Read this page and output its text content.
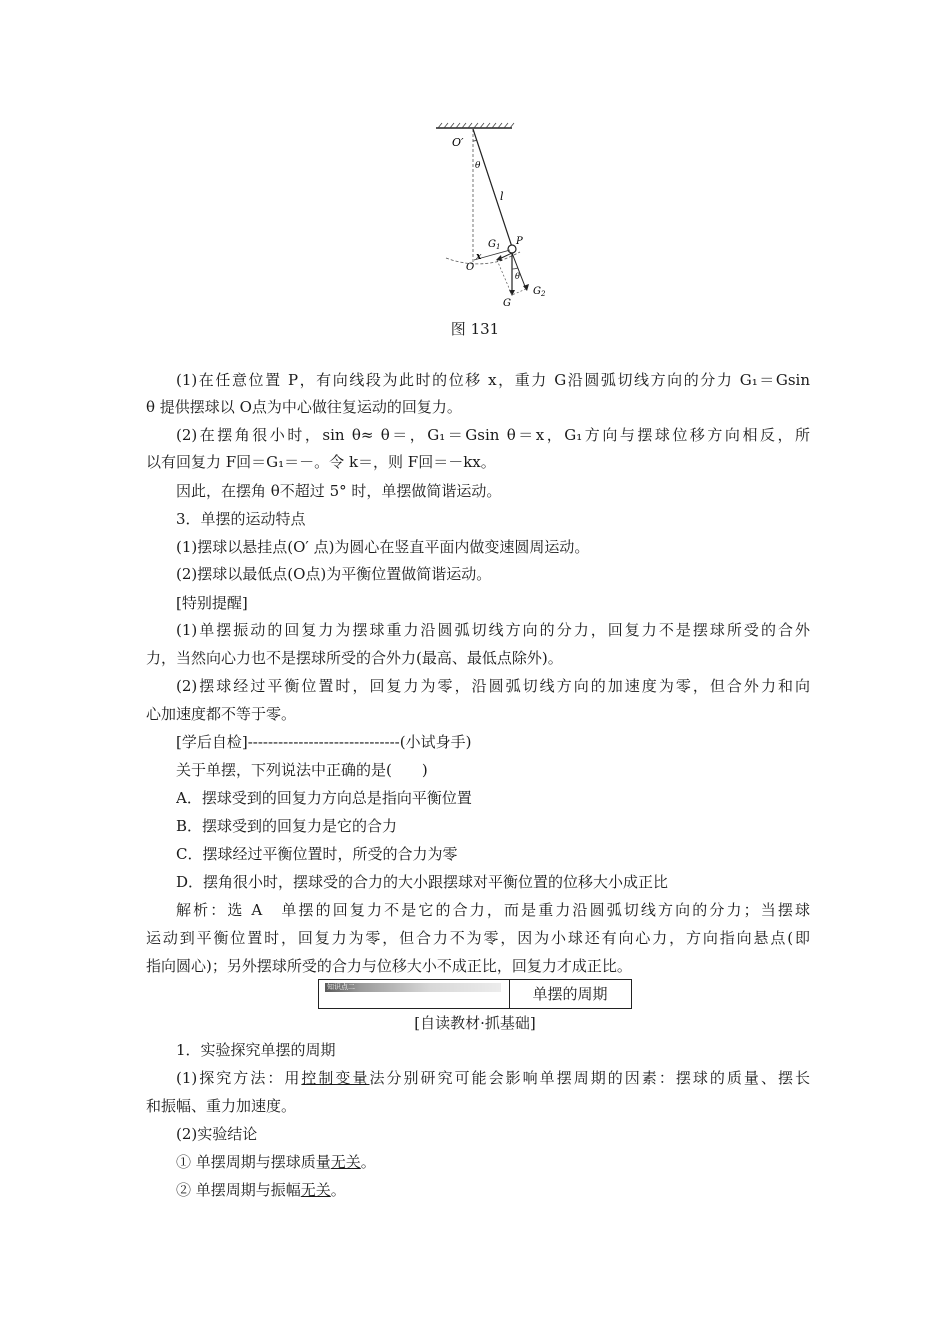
O′
θ
l
P
$G_1$
O
x
θ
G
$G_2$
图 131
(1)在任意位置 P，有向线段为此时的位移 x，重力 G沿圆弧切线方向的分力 G₁＝Gsin
θ 提供摆球以 O点为中心做往复运动的回复力。
(2)在摆角很小时，sin θ≈ θ＝，G₁＝Gsin θ＝x，G₁方向与摆球位移方向相反，所
以有回复力 F回＝G₁＝－。令 k＝，则 F回＝－kx。
因此，在摆角 θ不超过 5° 时，单摆做简谐运动。
3．单摆的运动特点
(1)摆球以悬挂点(O′ 点)为圆心在竖直平面内做变速圆周运动。
(2)摆球以最低点(O点)为平衡位置做简谐运动。
[特别提醒]
(1)单摆振动的回复力为摆球重力沿圆弧切线方向的分力，回复力不是摆球所受的合外
力，当然向心力也不是摆球所受的合外力(最高、最低点除外)。
(2)摆球经过平衡位置时，回复力为零，沿圆弧切线方向的加速度为零，但合外力和向
心加速度都不等于零。
[学后自检]------------------------------(小试身手)
关于单摆，下列说法中正确的是(　　)
A．摆球受到的回复力方向总是指向平衡位置
B．摆球受到的回复力是它的合力
C．摆球经过平衡位置时，所受的合力为零
D．摆角很小时，摆球受的合力的大小跟摆球对平衡位置的位移大小成正比
解析：选 A　单摆的回复力不是它的合力，而是重力沿圆弧切线方向的分力；当摆球
运动到平衡位置时，回复力为零，但合力不为零，因为小球还有向心力，方向指向悬点(即
指向圆心)；另外摆球所受的合力与位移大小不成正比，回复力才成正比。
知识点二	单摆的周期
[自读教材·抓基础]
1．实验探究单摆的周期
(1)探究方法：用控制变量法分别研究可能会影响单摆周期的因素：摆球的质量、摆长
和振幅、重力加速度。
(2)实验结论
① 单摆周期与摆球质量无关。
② 单摆周期与振幅无关。
